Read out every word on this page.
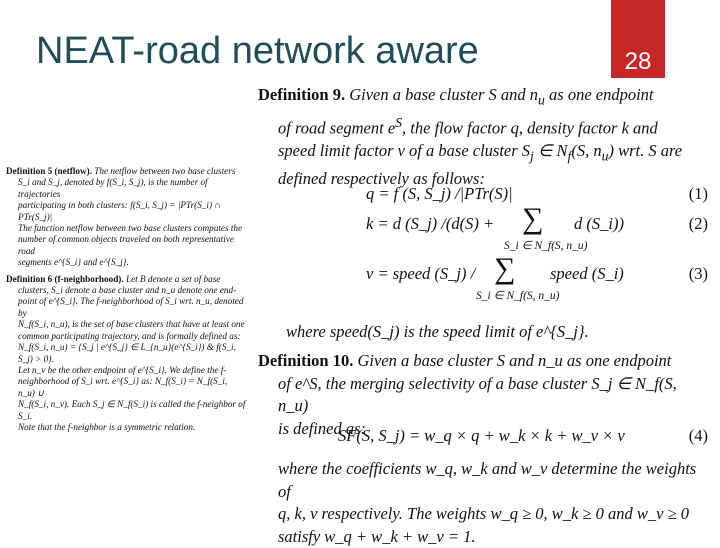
28
NEAT-road network aware

Definition 9. Given a base cluster S and $n_u$ as one endpoint

of road segment $e^S$, the flow factor q, density factor k and

speed limit factor v of a base cluster $S_j$ ∈ $N_f(S$, $n_u$) wrt. S are

defined respectively as follows:

q = f (S, S_j) /|PTr(S)|	(1)
k = d (S_j) /(d(S) + ∑ d (S_i))
S_i ∈ N_f(S, n_u)
(2)
v = speed (S_j) / ∑ speed (S_i)
S_i ∈ N_f(S, n_u)
(3)
where speed(S_j) is the speed limit of e^{S_j}.

Definition 10. Given a base cluster S and n_u as one endpoint

of e^S, the merging selectivity of a base cluster S_j ∈ N_f(S, n_u)

is defined as:

SF(S, S_j) = w_q × q + w_k × k + w_v × v	(4)

where the coefficients w_q, w_k and w_v determine the weights of

q, k, v respectively. The weights w_q ≥ 0, w_k ≥ 0 and w_v ≥ 0

satisfy w_q + w_k + w_v = 1.

Definition 5 (netflow). The netflow between two base clusters

S_i and S_j, denoted by f(S_i, S_j), is the number of trajectories

participating in both clusters: f(S_i, S_j) = |PTr(S_i) ∩ PTr(S_j)|

The function netflow between two base clusters computes the

number of common objects traveled on both representative road

segments e^{S_i} and e^{S_j}.

Definition 6 (f-neighborhood). Let B denote a set of base

clusters, S_i denote a base cluster and n_u denote one end-

point of e^{S_i}. The f-neighborhood of S_i wrt. n_u, denoted by

N_f(S_i, n_u), is the set of base clusters that have at least one

common participating trajectory, and is formally defined as:

N_f(S_i, n_u) = {S_j | e^{S_j} ∈ L_{n_u}(e^{S_i}) & f(S_i, S_j) > 0}.

Let n_v be the other endpoint of e^{S_i}. We define the f-

neighborhood of S_i wrt. e^{S_i} as: N_f(S_i) = N_f(S_i, n_u) ∪

N_f(S_i, n_v). Each S_j ∈ N_f(S_i) is called the f-neighbor of S_i.

Note that the f-neighbor is a symmetric relation.
